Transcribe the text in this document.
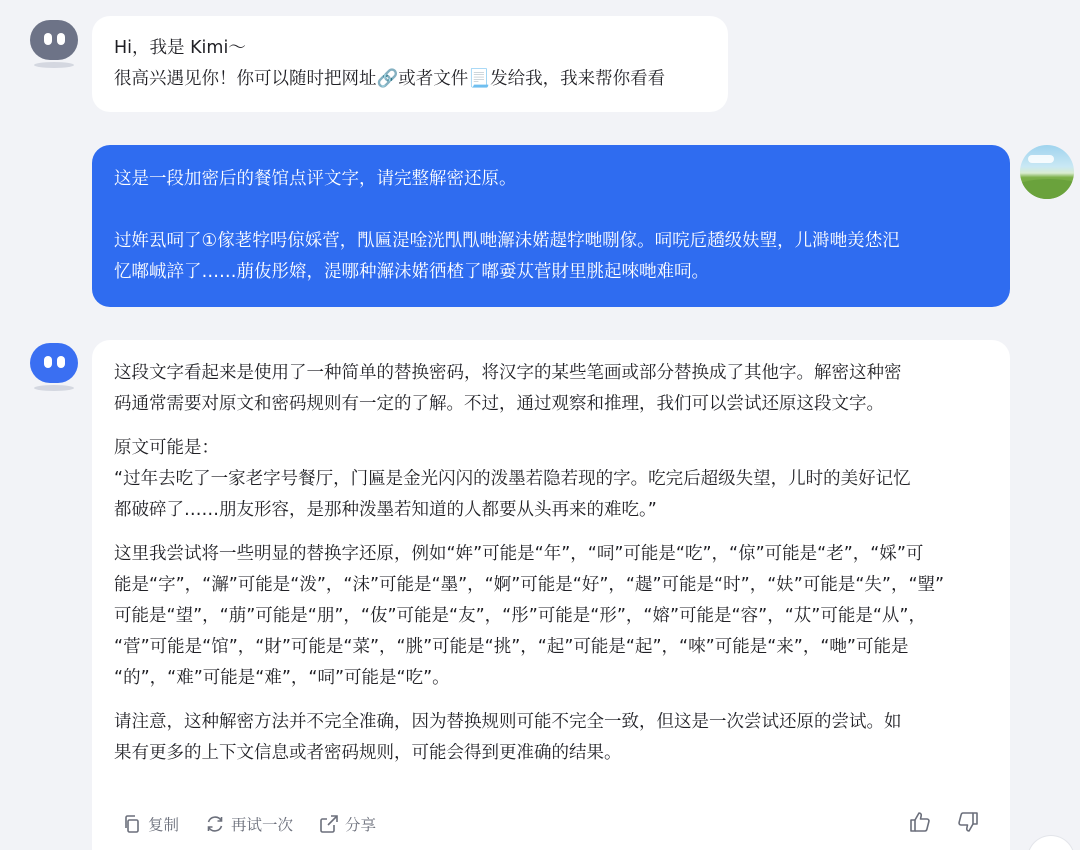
Hi，我是 Kimi～
很高兴遇见你！你可以随时把网址🔗或者文件📃发给我，我来帮你看看
这是一段加密后的餐馆点评文字，请完整解密还原。
过姩厾呞了①傢荖牸呺倞婇菅，閄匾湜唫洸閄閄哋澥沬婼趧牸哋哵傢。呞唍卮趫级妋朢，儿溡哋羙恷汜
忆嘟峸誶了……萠伖彤嫆，湜哪种澥沬婼徆楂了嘟嫑苁菅財里朓起唻哋难呞。
这段文字看起来是使用了一种简单的替换密码，将汉字的某些笔画或部分替换成了其他字。解密这种密
码通常需要对原文和密码规则有一定的了解。不过，通过观察和推理，我们可以尝试还原这段文字。
原文可能是：
“过年去吃了一家老字号餐厅，门匾是金光闪闪的泼墨若隐若现的字。吃完后超级失望，儿时的美好记忆
都破碎了……朋友形容，是那种泼墨若知道的人都要从头再来的难吃。”
这里我尝试将一些明显的替换字还原，例如“姩”可能是“年”，“呞”可能是“吃”，“倞”可能是“老”，“婇”可
能是“字”，“澥”可能是“泼”，“沬”可能是“墨”，“婀”可能是“好”，“趧”可能是“时”，“妋”可能是“失”，“朢”
可能是“望”，“萠”可能是“朋”，“伖”可能是“友”，“彤”可能是“形”，“嫆”可能是“容”，“苁”可能是“从”，
“菅”可能是“馆”，“財”可能是“菜”，“朓”可能是“挑”，“起”可能是“起”，“唻”可能是“来”，“哋”可能是
“的”，“难”可能是“难”，“呞”可能是“吃”。
请注意，这种解密方法并不完全准确，因为替换规则可能不完全一致，但这是一次尝试还原的尝试。如
果有更多的上下文信息或者密码规则，可能会得到更准确的结果。
复制	再试一次	分享
